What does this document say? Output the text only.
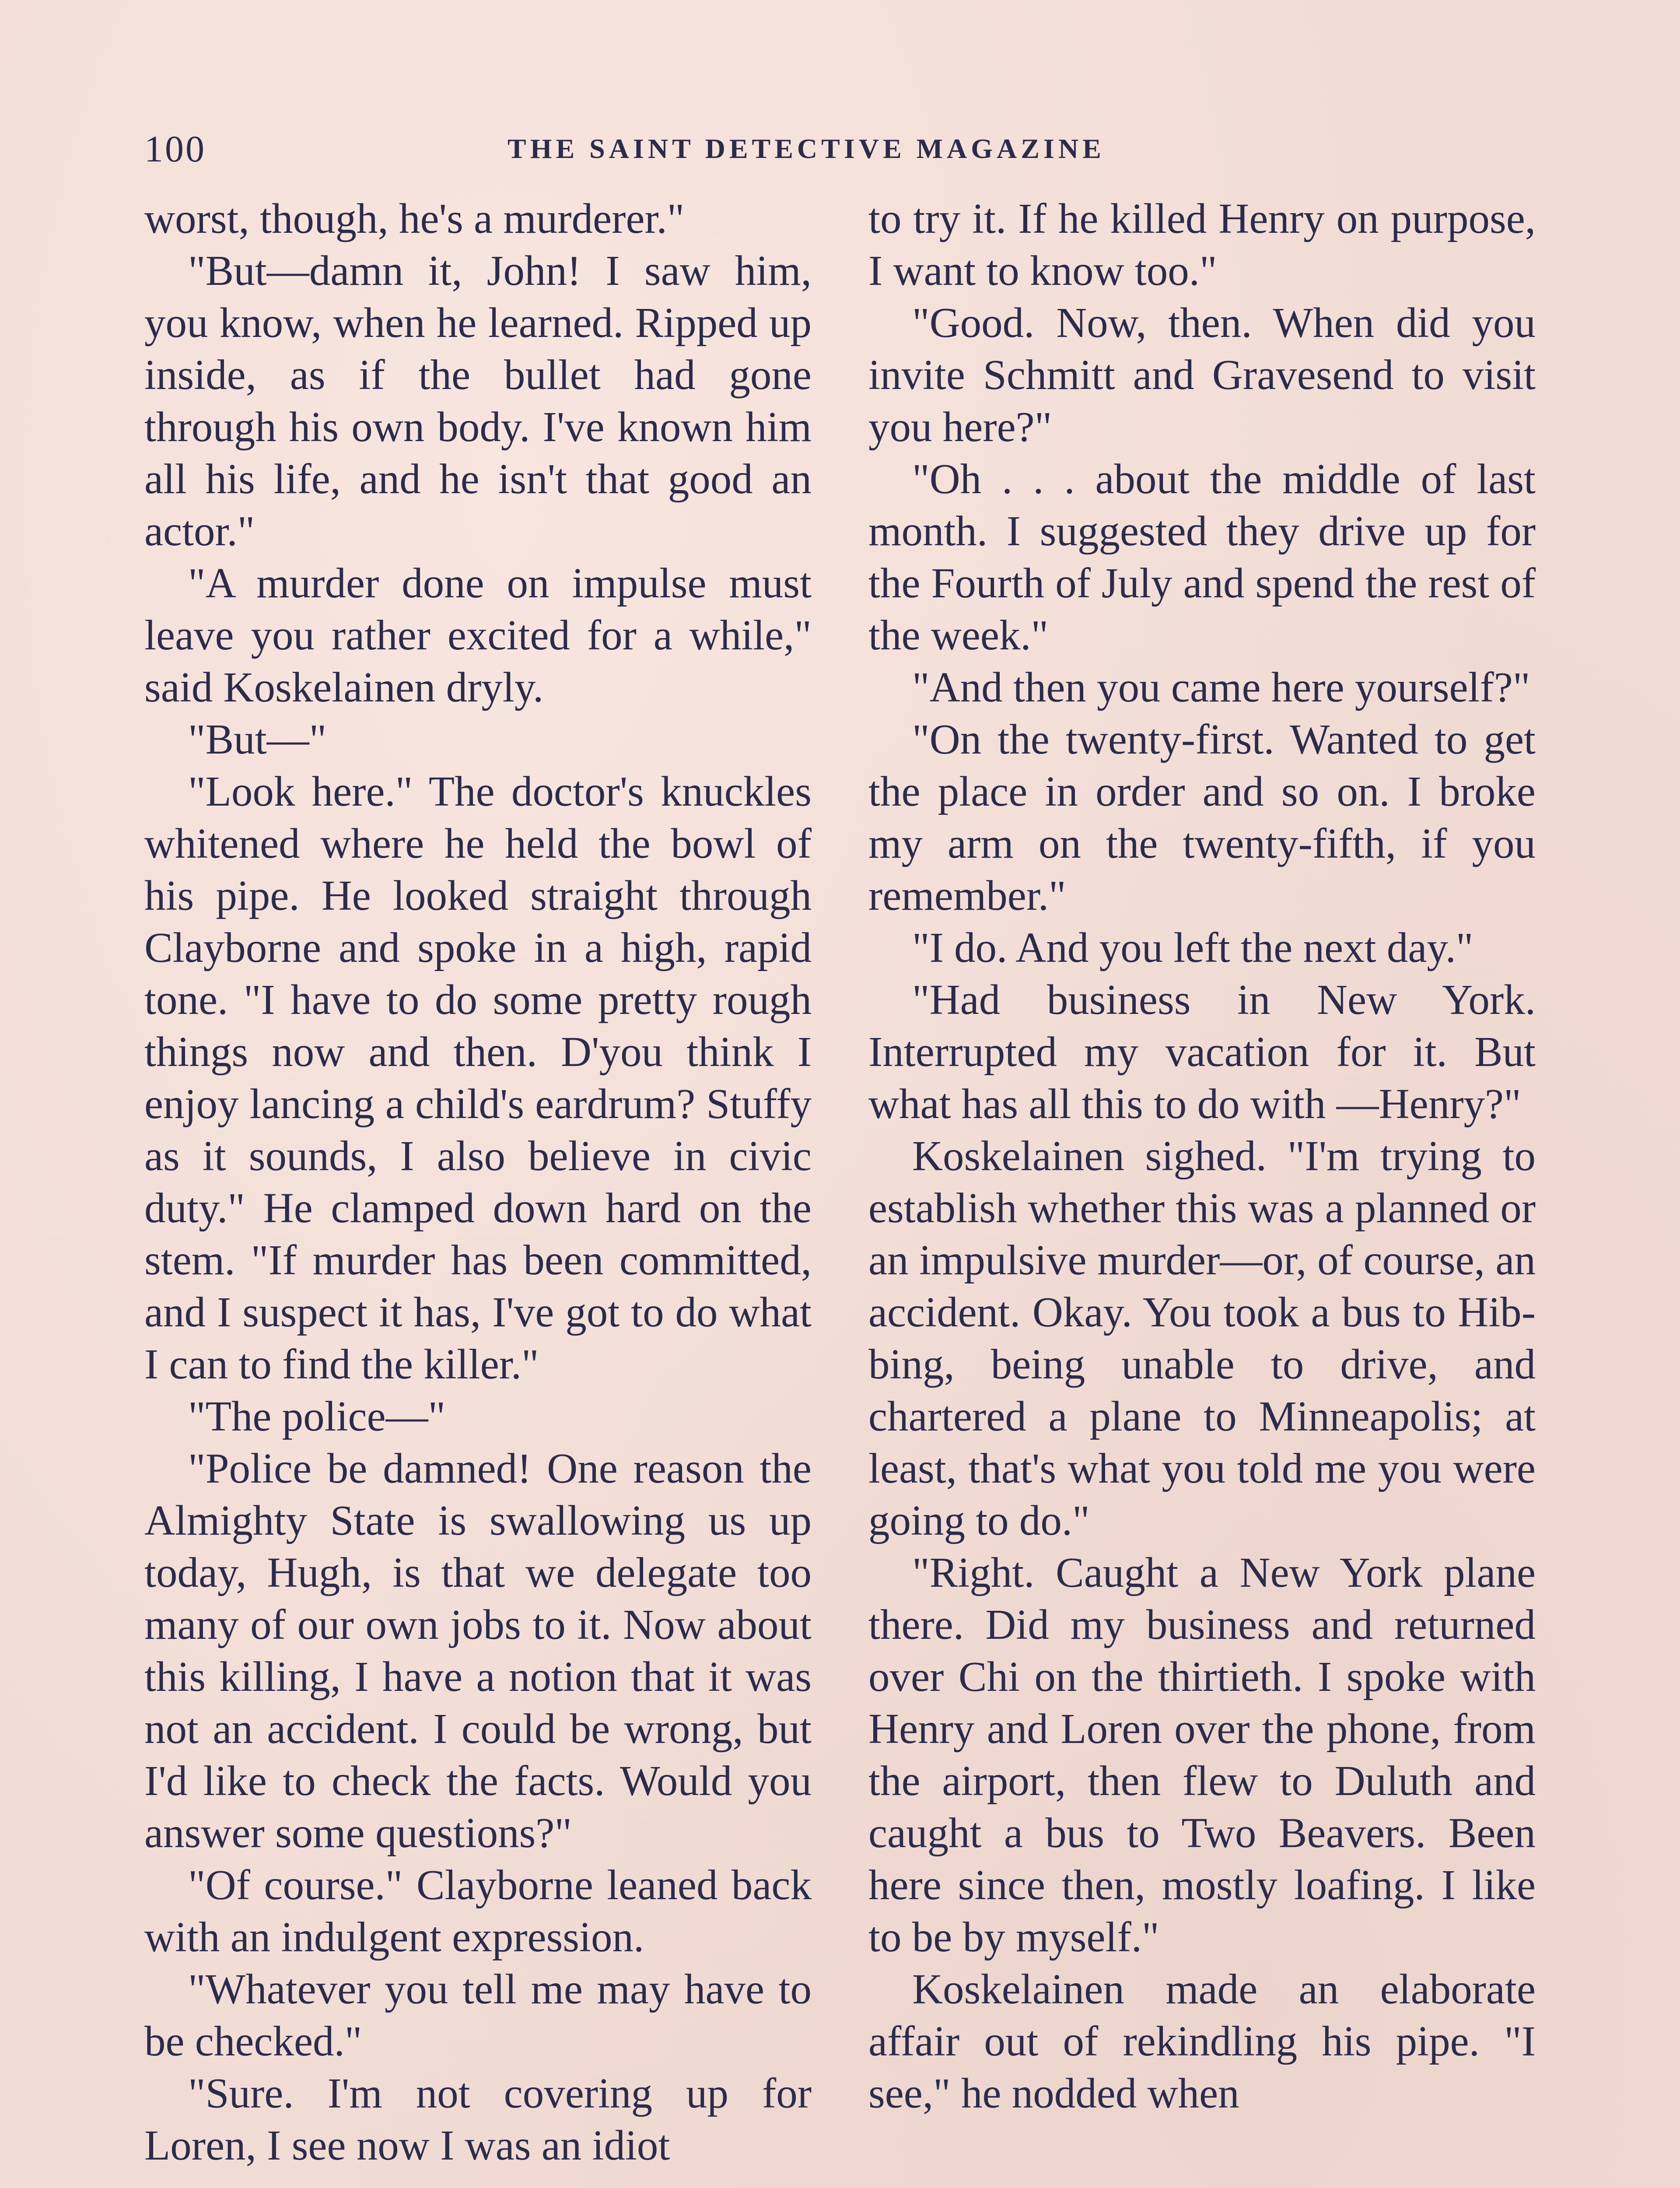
100	THE SAINT DETECTIVE MAGAZINE

worst, though, he's a murderer."

"But—damn it, John! I saw him, you know, when he learned. Ripped up inside, as if the bullet had gone through his own body. I've known him all his life, and he isn't that good an actor."

"A murder done on impulse must leave you rather excited for a while," said Koskelainen dryly.

"But—"

"Look here." The doctor's knuckles whitened where he held the bowl of his pipe. He looked straight through Clayborne and spoke in a high, rapid tone. "I have to do some pretty rough things now and then. D'you think I enjoy lancing a child's eardrum? Stuffy as it sounds, I also believe in civic duty." He clamped down hard on the stem. "If murder has been committed, and I suspect it has, I've got to do what I can to find the killer."

"The police—"

"Police be damned! One reason the Almighty State is swallowing us up today, Hugh, is that we delegate too many of our own jobs to it. Now about this killing, I have a notion that it was not an accident. I could be wrong, but I'd like to check the facts. Would you answer some questions?"

"Of course." Clayborne leaned back with an indulgent expression.

"Whatever you tell me may have to be checked."

"Sure. I'm not covering up for Loren, I see now I was an idiot

to try it. If he killed Henry on purpose, I want to know too."

"Good. Now, then. When did you invite Schmitt and Gravesend to visit you here?"

"Oh . . . about the middle of last month. I suggested they drive up for the Fourth of July and spend the rest of the week."

"And then you came here yourself?"

"On the twenty-first. Wanted to get the place in order and so on. I broke my arm on the twenty-fifth, if you remember."

"I do. And you left the next day."

"Had business in New York. Interrupted my vacation for it. But what has all this to do with —Henry?"

Koskelainen sighed. "I'm trying to establish whether this was a planned or an impulsive murder—or, of course, an accident. Okay. You took a bus to Hibbing, being unable to drive, and chartered a plane to Minneapolis; at least, that's what you told me you were going to do."

"Right. Caught a New York plane there. Did my business and returned over Chi on the thirtieth. I spoke with Henry and Loren over the phone, from the airport, then flew to Duluth and caught a bus to Two Beavers. Been here since then, mostly loafing. I like to be by myself."

Koskelainen made an elaborate affair out of rekindling his pipe. "I see," he nodded when
